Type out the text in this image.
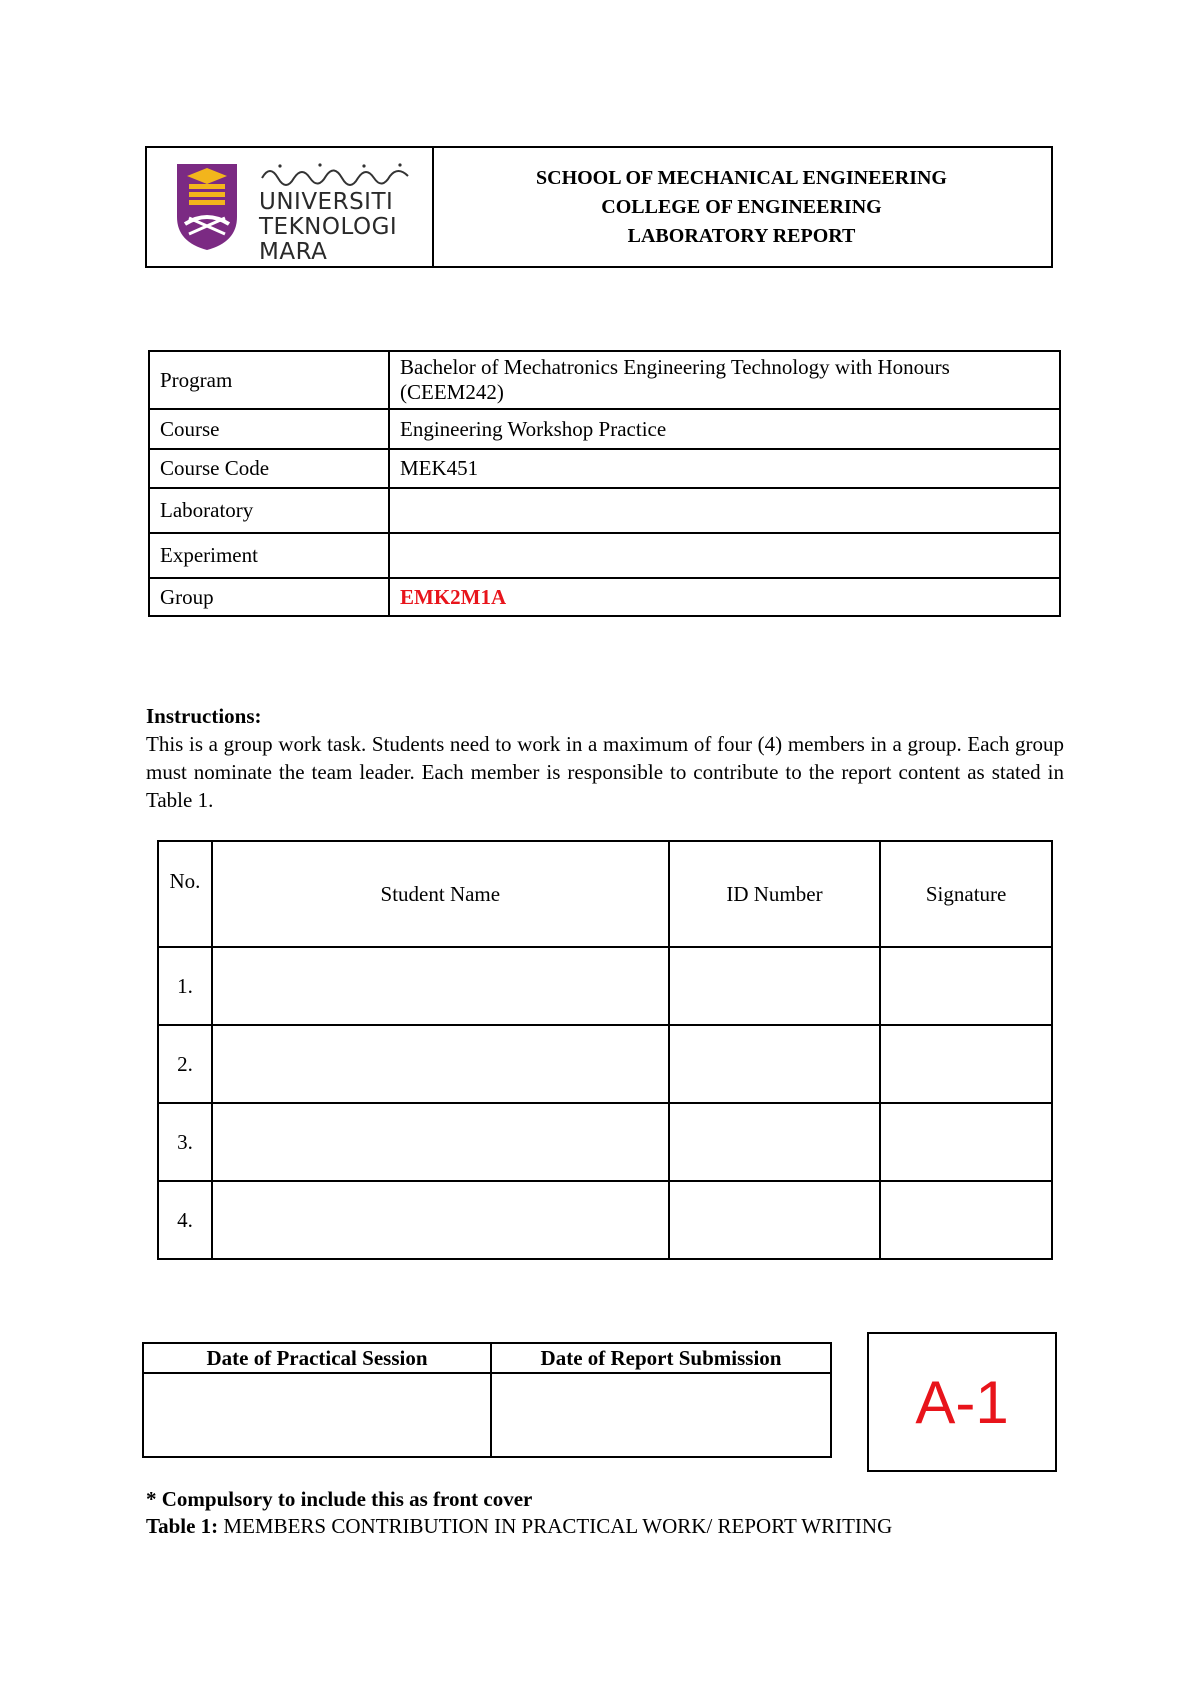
UNIVERSITI
TEKNOLOGI
MARA
SCHOOL OF MECHANICAL ENGINEERING
COLLEGE OF ENGINEERING
LABORATORY REPORT
Program	Bachelor of Mechatronics Engineering Technology with Honours (CEEM242)
Course	Engineering Workshop Practice
Course Code	MEK451
Laboratory	
Experiment	
Group	EMK2M1A
Instructions:
This is a group work task. Students need to work in a maximum of four (4) members in a group. Each group must nominate the team leader. Each member is responsible to contribute to the report content as stated in Table 1.
No.	Student Name	ID Number	Signature
1.			
2.			
3.			
4.			
Date of Practical Session	Date of Report Submission

A-1
* Compulsory to include this as front cover
Table 1: MEMBERS CONTRIBUTION IN PRACTICAL WORK/ REPORT WRITING
